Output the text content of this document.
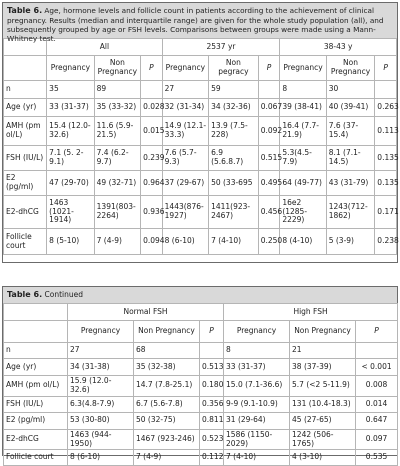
Table 6. Age, hormone levels and follicle count in patients according to the achievement of clinical pregnancy. Results (median and interquartile range) are given for the whole study population (all), and subsequently grouped by age or FSH levels. Comparisons between groups were made using a Mann-Whitney test.
	All			2537 yr			38-43 y		
	Pregnancy	Non Pregnancy	P	Pregnancy	Non pegracy	P	Pregnancy	Non Pregnancy	P
n	35	89		27	59		8	30	
Age (yr)	33 (31-37)	35 (33-32)	0.028	32 (31-34)	34 (32-36)	0.067	39 (38-41)	40 (39-41)	0.263
AMH (pm ol/L)	15.4 (12.0-32.6)	11.6 (5.9-21.5)	0.015	14.9 (12.1-33.3)	13.9 (7.5-228)	0.092	16.4 (7.7-21.9)	7.6 (37-15.4)	0.113
FSH (IU/L)	7.1 (5. 2-9.1)	7.4 (6.2-9.7)	0.239	7.6 (5.7-9.3)	6.9 (5.6.8.7)	0.515	5.3(4.5-7.9)	8.1 (7.1-14.5)	0.135
E2 (pg/ml)	47 (29-70)	49 (32-71)	0.964	37 (29-67)	50 (33-695	0.495	64 (49-77)	43 (31-79)	0.135
E2-dhCG	1463 (1021-1914)	1391(803-2264)	0.936	1443(876-1927)	1411(923-2467)	0.456	16e2 (1285-2229)	1243(712-1862)	0.171
Follicle court	8 (5-10)	7 (4-9)	0.094	8 (6-10)	7 (4-10)	0.250	8 (4-10)	5 (3-9)	0.238
Table 6. Continued
	Normal FSH			High FSH		
	Pregnancy	Non Pregnancy	P	Pregnancy	Non Pregnancy	P
n	27	68		8	21	
Age (yr)	34 (31-38)	35 (32-38)	0.513	33 (31-37)	38 (37-39)	< 0.001
AMH (pm ol/L)	15.9 (12.0-32.6)	14.7 (7.8-25.1)	0.180	15.0 (7.1-36.6)	5.7 (<2 5-11.9)	0.008
FSH (IU/L)	6.3(4.8-7.9)	6.7 (5.6-7.8)	0.356	9-9 (9.1-10.9)	131 (10.4-18.3)	0.014
E2 (pg/ml)	53 (30-80)	50 (32-75)	0.811	31 (29-64)	45 (27-65)	0.647
E2-dhCG	1463 (944-1950)	1467 (923-246)	0.523	1586 (1150-2029)	1242 (506-1765)	0.097
Follicle court	8 (6-10)	7 (4-9)	0.112	7 (4-10)	4 (3-10)	0.535
